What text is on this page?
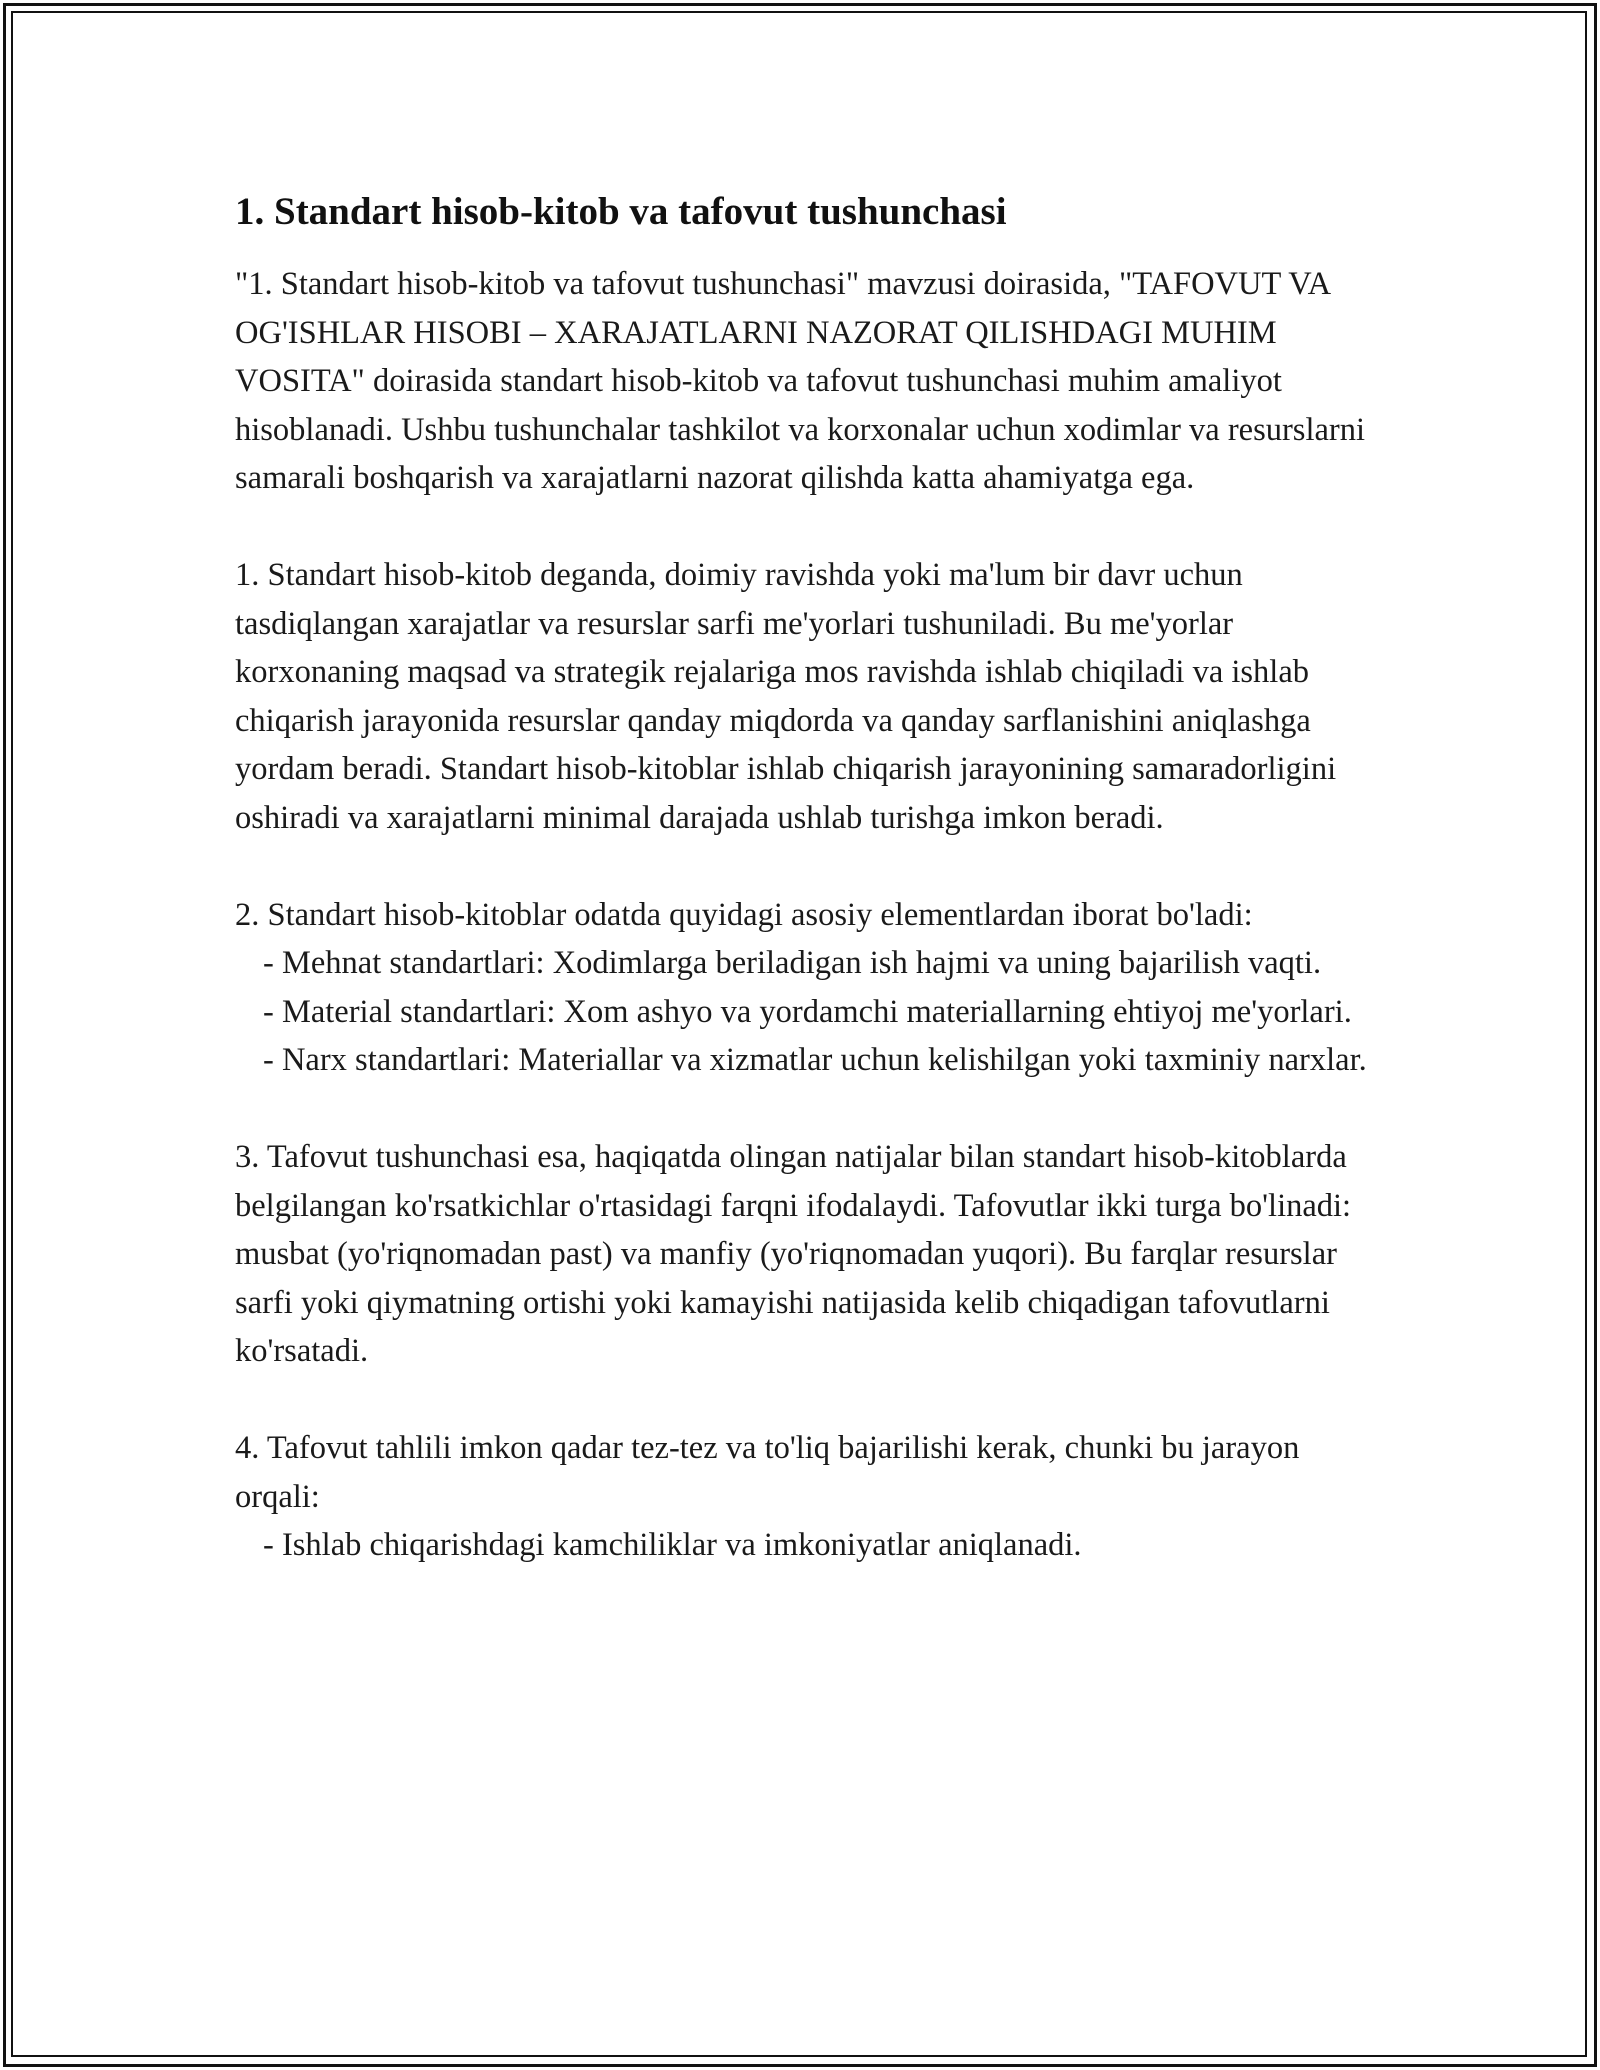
1. Standart hisob-kitob va tafovut tushunchasi

"1. Standart hisob-kitob va tafovut tushunchasi" mavzusi doirasida, "TAFOVUT VA OG'ISHLAR HISOBI – XARAJATLARNI NAZORAT QILISHDAGI MUHIM VOSITA" doirasida standart hisob-kitob va tafovut tushunchasi muhim amaliyot hisoblanadi. Ushbu tushunchalar tashkilot va korxonalar uchun xodimlar va resurslarni samarali boshqarish va xarajatlarni nazorat qilishda katta ahamiyatga ega.

1. Standart hisob-kitob deganda, doimiy ravishda yoki ma'lum bir davr uchun tasdiqlangan xarajatlar va resurslar sarfi me'yorlari tushuniladi. Bu me'yorlar korxonaning maqsad va strategik rejalariga mos ravishda ishlab chiqiladi va ishlab chiqarish jarayonida resurslar qanday miqdorda va qanday sarflanishini aniqlashga yordam beradi. Standart hisob-kitoblar ishlab chiqarish jarayonining samaradorligini oshiradi va xarajatlarni minimal darajada ushlab turishga imkon beradi.

2. Standart hisob-kitoblar odatda quyidagi asosiy elementlardan iborat bo'ladi:

- Mehnat standartlari: Xodimlarga beriladigan ish hajmi va uning bajarilish vaqti.

- Material standartlari: Xom ashyo va yordamchi materiallarning ehtiyoj me'yorlari.

- Narx standartlari: Materiallar va xizmatlar uchun kelishilgan yoki taxminiy narxlar.

3. Tafovut tushunchasi esa, haqiqatda olingan natijalar bilan standart hisob-kitoblarda belgilangan ko'rsatkichlar o'rtasidagi farqni ifodalaydi. Tafovutlar ikki turga bo'linadi: musbat (yo'riqnomadan past) va manfiy (yo'riqnomadan yuqori). Bu farqlar resurslar sarfi yoki qiymatning ortishi yoki kamayishi natijasida kelib chiqadigan tafovutlarni ko'rsatadi.

4. Tafovut tahlili imkon qadar tez-tez va to'liq bajarilishi kerak, chunki bu jarayon orqali:

- Ishlab chiqarishdagi kamchiliklar va imkoniyatlar aniqlanadi.
